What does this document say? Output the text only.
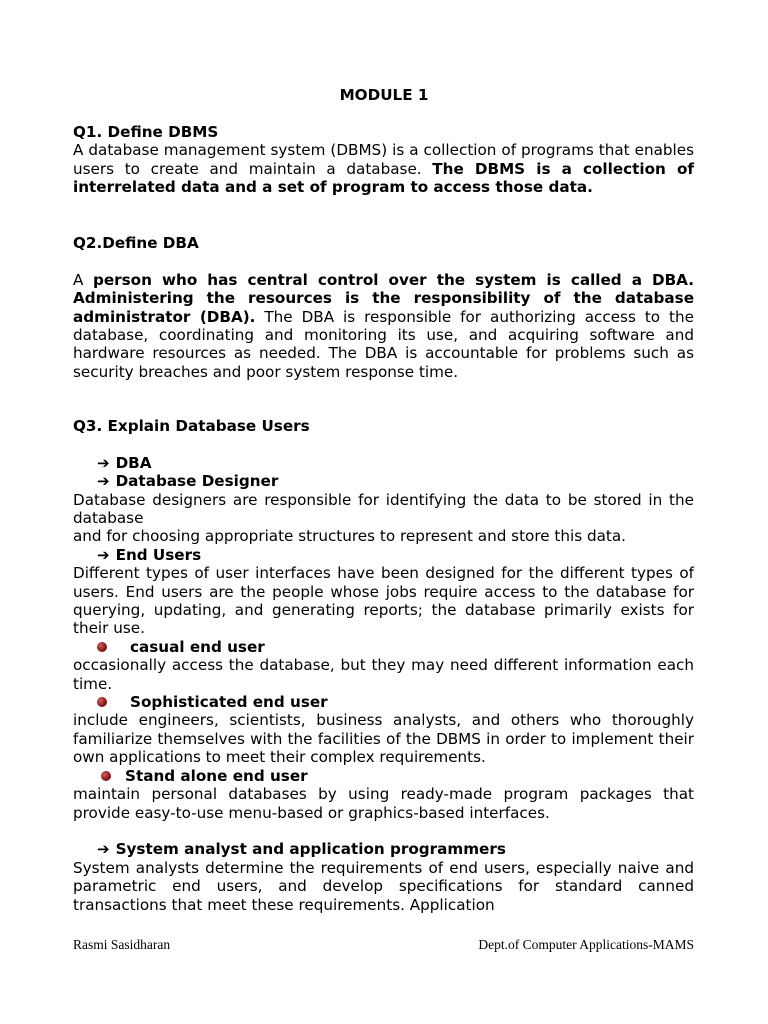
MODULE 1

Q1. Define DBMS

A database management system (DBMS) is a collection of programs that enables users to create and maintain a database. The DBMS is a collection of interrelated data and a set of program to access those data.

Q2.Define DBA

A person who has central control over the system is called a DBA. Administering the resources is the responsibility of the database administrator (DBA). The DBA is responsible for authorizing access to the database, coordinating and monitoring its use, and acquiring software and hardware resources as needed. The DBA is accountable for problems such as security breaches and poor system response time.

Q3. Explain Database Users

➔ DBA

➔ Database Designer

Database designers are responsible for identifying the data to be stored in the database

and for choosing appropriate structures to represent and store this data.

➔ End Users

Different types of user interfaces have been designed for the different types of users. End users are the people whose jobs require access to the database for querying, updating, and generating reports; the database primarily exists for their use.

casual end user

occasionally access the database, but they may need different information each time.

Sophisticated end user

include engineers, scientists, business analysts, and others who thoroughly familiarize themselves with the facilities of the DBMS in order to implement their own applications to meet their complex requirements.

Stand alone end user

maintain personal databases by using ready-made program packages that provide easy-to-use menu-based or graphics-based interfaces.

➔ System analyst and application programmers

System analysts determine the requirements of end users, especially naive and parametric end users, and develop specifications for standard canned transactions that meet these requirements. Application

Rasmi Sasidharan	Dept.of Computer Applications-MAMS
